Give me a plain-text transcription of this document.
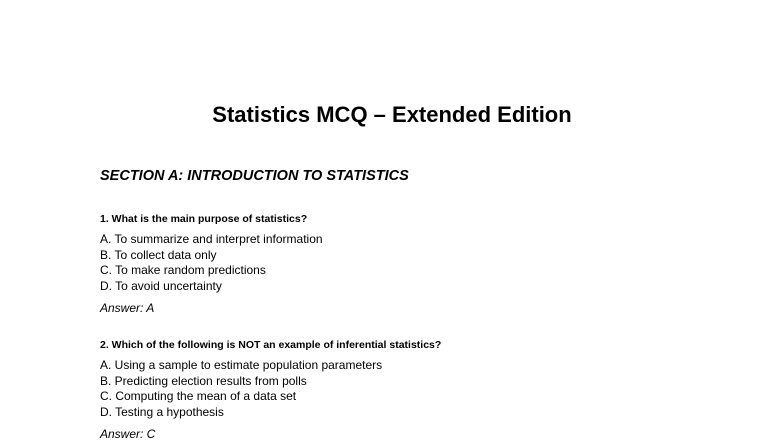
Statistics MCQ – Extended Edition
SECTION A: INTRODUCTION TO STATISTICS

1. What is the main purpose of statistics?

A. To summarize and interpret information
B. To collect data only
C. To make random predictions
D. To avoid uncertainty

Answer: A

2. Which of the following is NOT an example of inferential statistics?

A. Using a sample to estimate population parameters
B. Predicting election results from polls
C. Computing the mean of a data set
D. Testing a hypothesis

Answer: C
